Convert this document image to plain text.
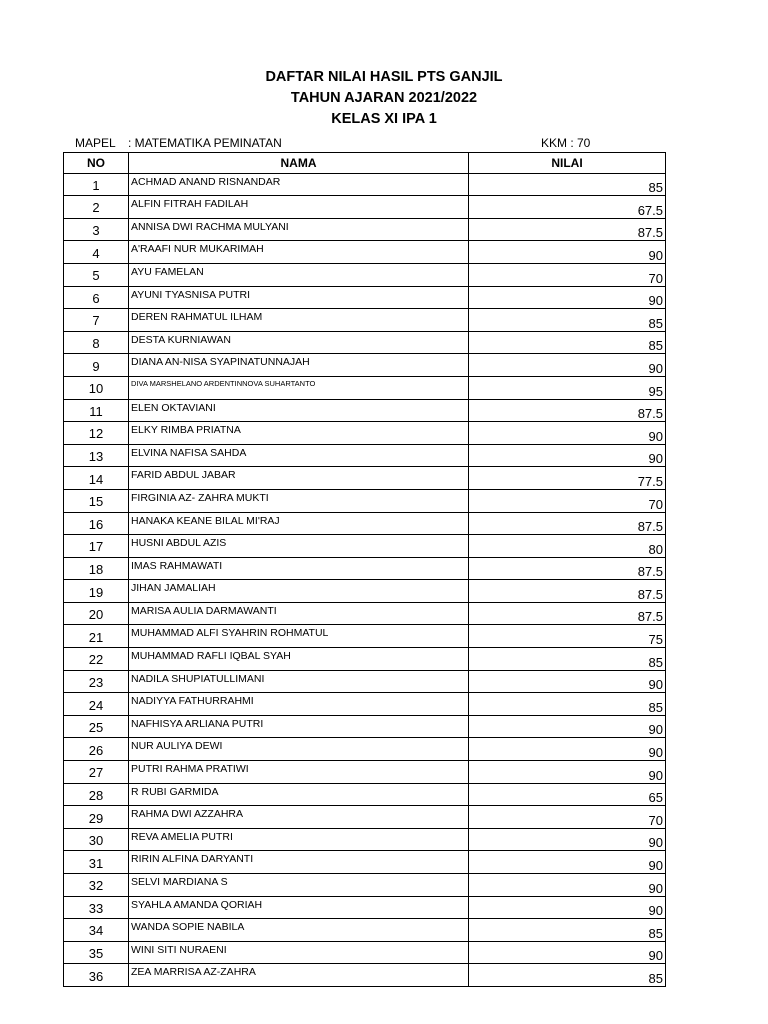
DAFTAR NILAI HASIL PTS GANJIL
TAHUN AJARAN 2021/2022
KELAS XI IPA 1
MAPEL : MATEMATIKA PEMINATAN	KKM : 70
NO	NAMA	NILAI
1	ACHMAD ANAND RISNANDAR	85
2	ALFIN FITRAH FADILAH	67.5
3	ANNISA DWI RACHMA MULYANI	87.5
4	A'RAAFI NUR MUKARIMAH	90
5	AYU FAMELAN	70
6	AYUNI TYASNISA PUTRI	90
7	DEREN RAHMATUL ILHAM	85
8	DESTA KURNIAWAN	85
9	DIANA AN-NISA SYAPINATUNNAJAH	90
10	DIVA MARSHELANO ARDENTINNOVA SUHARTANTO	95
11	ELEN OKTAVIANI	87.5
12	ELKY RIMBA PRIATNA	90
13	ELVINA NAFISA SAHDA	90
14	FARID ABDUL JABAR	77.5
15	FIRGINIA AZ- ZAHRA MUKTI	70
16	HANAKA KEANE BILAL MI'RAJ	87.5
17	HUSNI ABDUL AZIS	80
18	IMAS RAHMAWATI	87.5
19	JIHAN JAMALIAH	87.5
20	MARISA AULIA DARMAWANTI	87.5
21	MUHAMMAD ALFI SYAHRIN ROHMATUL	75
22	MUHAMMAD RAFLI IQBAL SYAH	85
23	NADILA SHUPIATULLIMANI	90
24	NADIYYA FATHURRAHMI	85
25	NAFHISYA ARLIANA PUTRI	90
26	NUR AULIYA DEWI	90
27	PUTRI RAHMA PRATIWI	90
28	R RUBI GARMIDA	65
29	RAHMA DWI AZZAHRA	70
30	REVA AMELIA PUTRI	90
31	RIRIN ALFINA DARYANTI	90
32	SELVI MARDIANA S	90
33	SYAHLA AMANDA QORIAH	90
34	WANDA SOPIE NABILA	85
35	WINI SITI NURAENI	90
36	ZEA MARRISA AZ-ZAHRA	85
